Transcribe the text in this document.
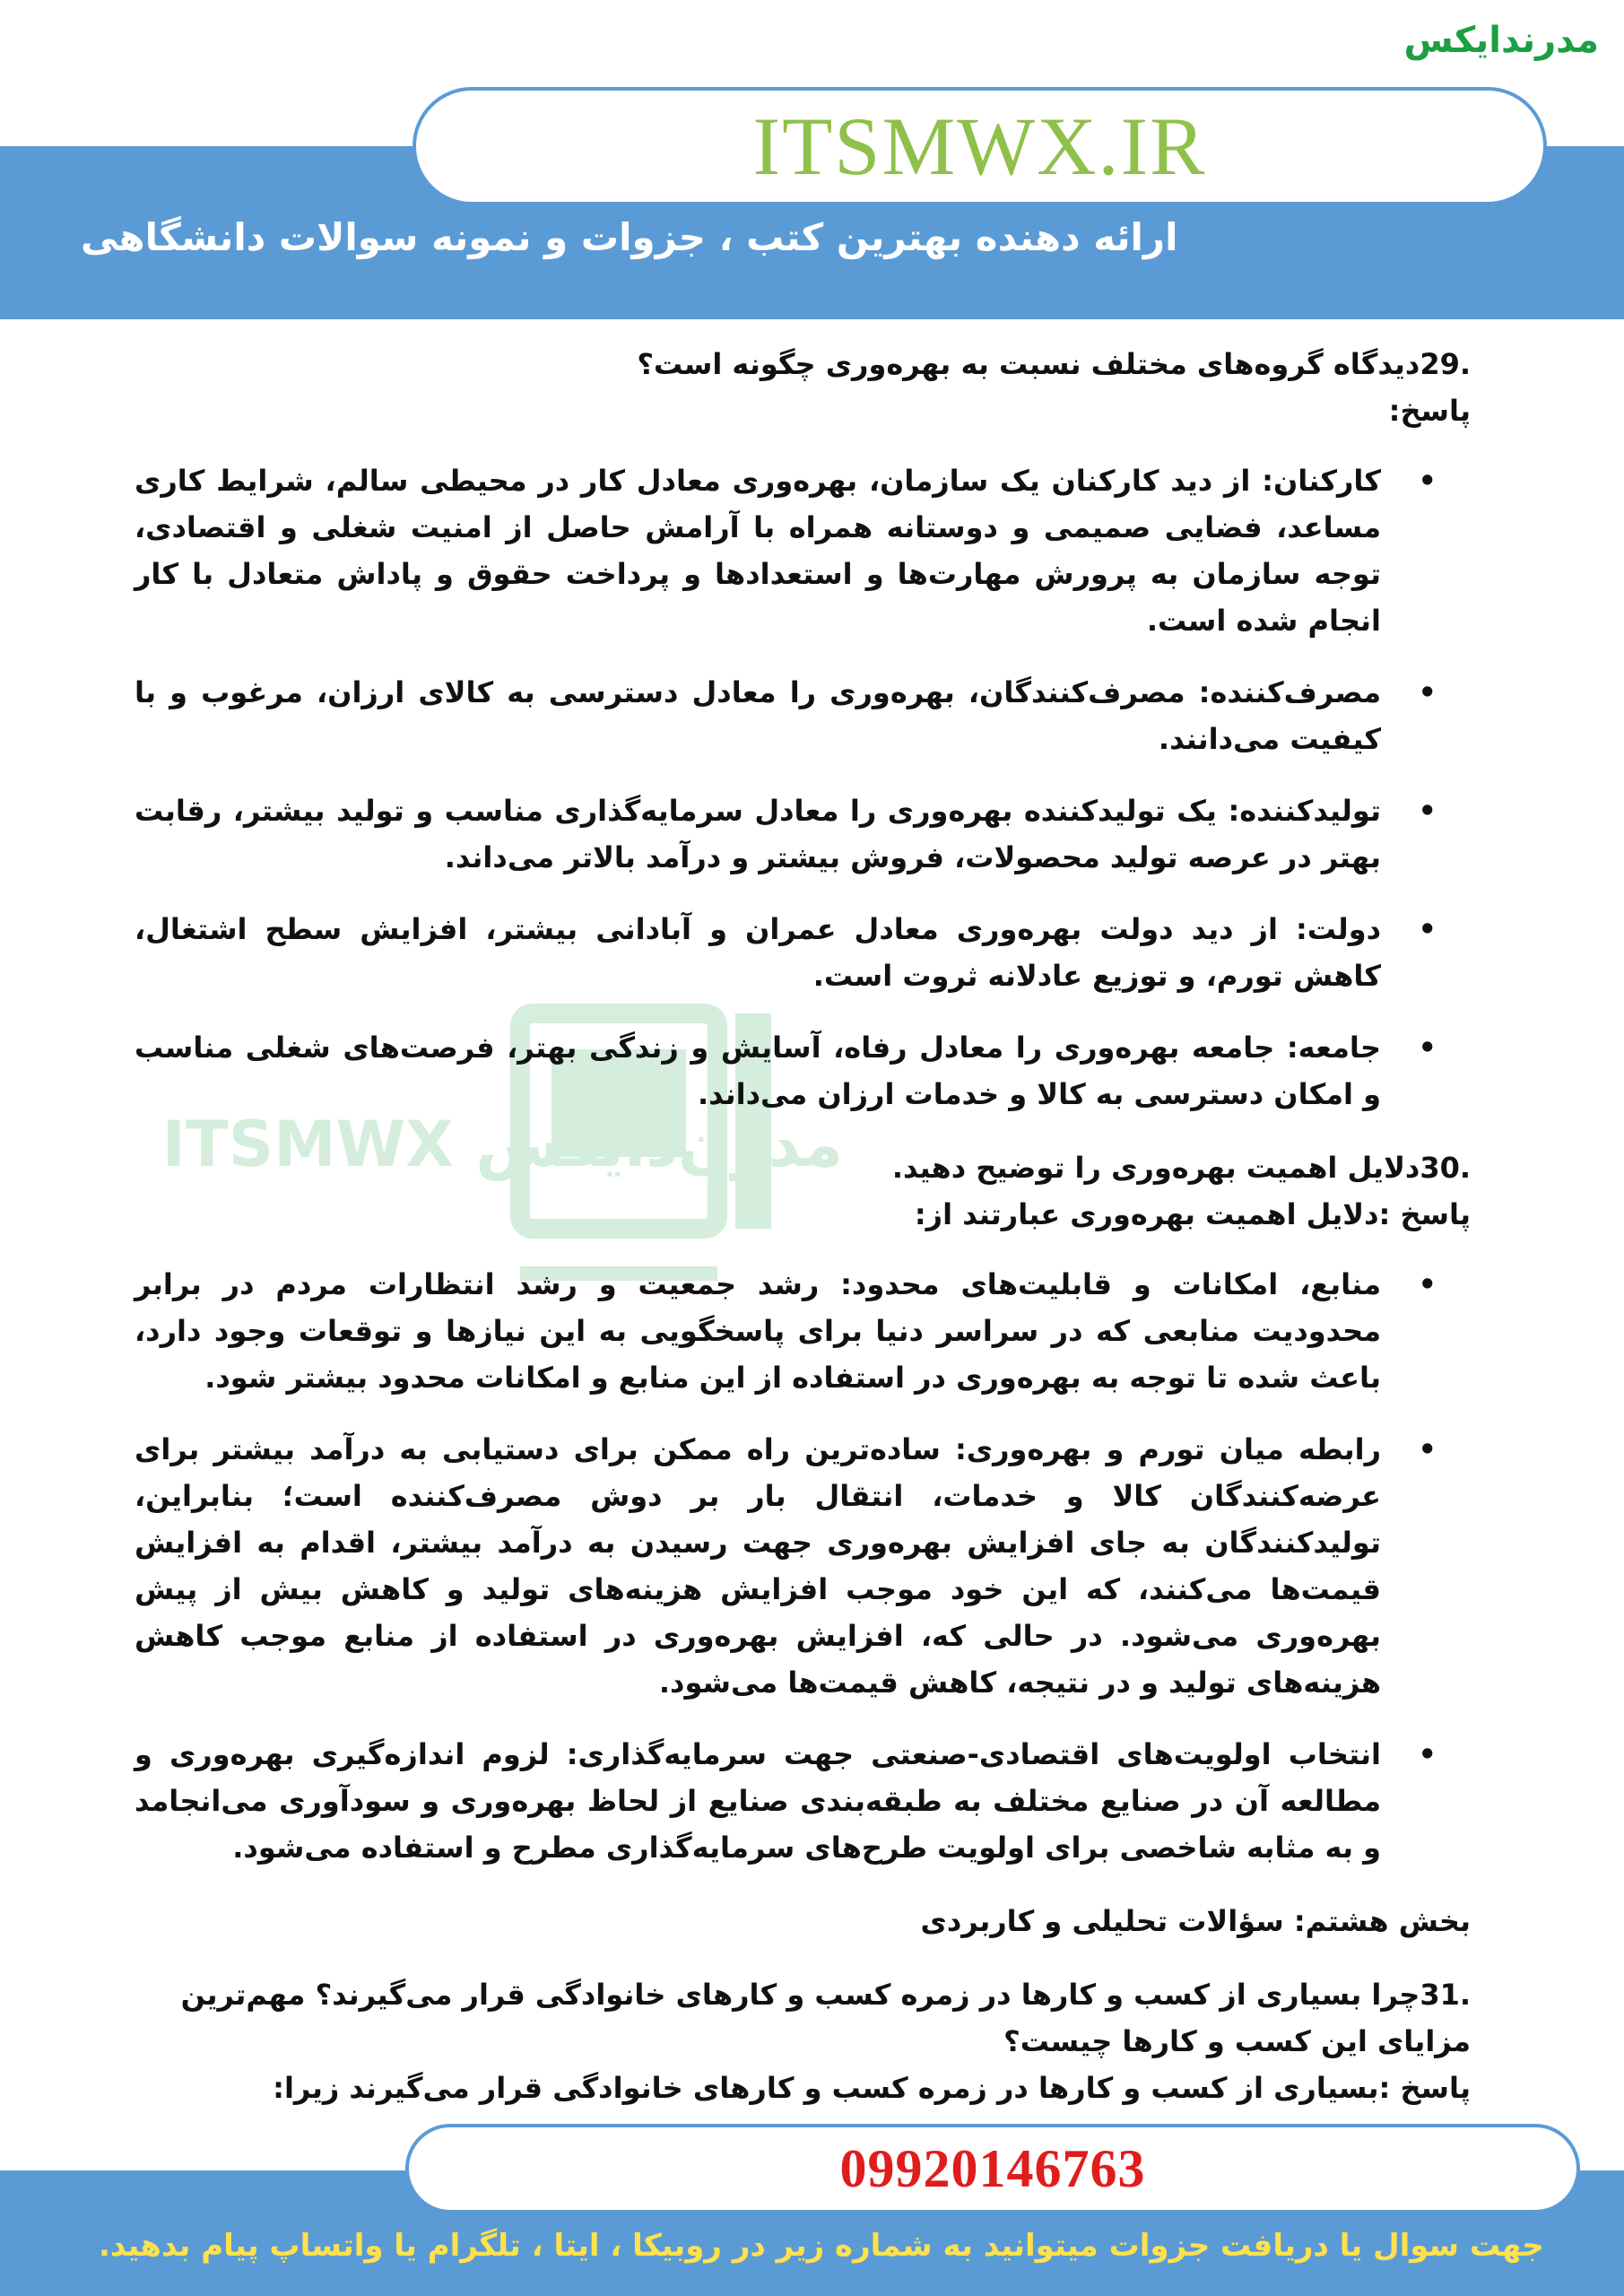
مدرندایکس
ITSMWX.IR
ارائه دهنده بهترین کتب ، جزوات و نمونه سوالات دانشگاهی
مدرن‌دایکس ITSMWX

.29دیدگاه گروه‌های مختلف نسبت به بهره‌وری چگونه است؟

پاسخ:

• کارکنان: از دید کارکنان یک سازمان، بهره‌وری معادل کار در محیطی سالم، شرایط کاری مساعد، فضایی صمیمی و دوستانه همراه با آرامش حاصل از امنیت شغلی و اقتصادی، توجه سازمان به پرورش مهارت‌ها و استعدادها و پرداخت حقوق و پاداش متعادل با کار انجام شده است.
• مصرف‌کننده: مصرف‌کنندگان، بهره‌وری را معادل دسترسی به کالای ارزان، مرغوب و با کیفیت می‌دانند.
• تولیدکننده: یک تولیدکننده بهره‌وری را معادل سرمایه‌گذاری مناسب و تولید بیشتر، رقابت بهتر در عرصه تولید محصولات، فروش بیشتر و درآمد بالاتر می‌داند.
• دولت: از دید دولت بهره‌وری معادل عمران و آبادانی بیشتر، افزایش سطح اشتغال، کاهش تورم، و توزیع عادلانه ثروت است.
• جامعه: جامعه بهره‌وری را معادل رفاه، آسایش و زندگی بهتر، فرصت‌های شغلی مناسب و امکان دسترسی به کالا و خدمات ارزان می‌داند.

.30دلایل اهمیت بهره‌وری را توضیح دهید.

پاسخ :دلایل اهمیت بهره‌وری عبارتند از:

• منابع، امکانات و قابلیت‌های محدود: رشد جمعیت و رشد انتظارات مردم در برابر محدودیت منابعی که در سراسر دنیا برای پاسخگویی به این نیازها و توقعات وجود دارد، باعث شده تا توجه به بهره‌وری در استفاده از این منابع و امکانات محدود بیشتر شود.
• رابطه میان تورم و بهره‌وری: ساده‌ترین راه ممکن برای دستیابی به درآمد بیشتر برای عرضه‌کنندگان کالا و خدمات، انتقال بار بر دوش مصرف‌کننده است؛ بنابراین، تولیدکنندگان به جای افزایش بهره‌وری جهت رسیدن به درآمد بیشتر، اقدام به افزایش قیمت‌ها می‌کنند، که این خود موجب افزایش هزینه‌های تولید و کاهش بیش از پیش بهره‌وری می‌شود. در حالی که، افزایش بهره‌وری در استفاده از منابع موجب کاهش هزینه‌های تولید و در نتیجه، کاهش قیمت‌ها می‌شود.
• انتخاب اولویت‌های اقتصادی-صنعتی جهت سرمایه‌گذاری: لزوم اندازه‌گیری بهره‌وری و مطالعه آن در صنایع مختلف به طبقه‌بندی صنایع از لحاظ بهره‌وری و سودآوری می‌انجامد و به مثابه شاخصی برای اولویت طرح‌های سرمایه‌گذاری مطرح و استفاده می‌شود.

بخش هشتم: سؤالات تحلیلی و کاربردی

.31چرا بسیاری از کسب و کارها در زمره کسب و کارهای خانوادگی قرار می‌گیرند؟ مهم‌ترین مزایای این کسب و کارها چیست؟

پاسخ :بسیاری از کسب و کارها در زمره کسب و کارهای خانوادگی قرار می‌گیرند زیرا:

09920146763
جهت سوال یا دریافت جزوات میتوانید به شماره زیر در روبیکا ، ایتا ، تلگرام یا واتساپ پیام بدهید.
